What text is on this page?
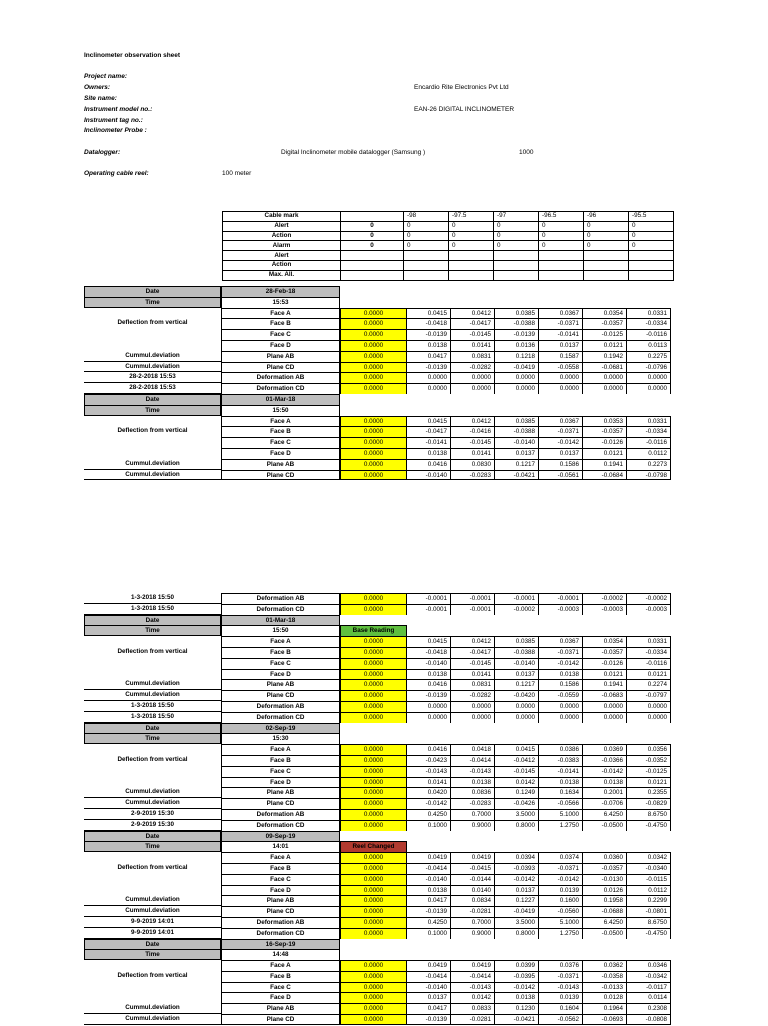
Inclinometer observation sheet
Project name:
Owners:	Encardio Rite Electronics Pvt Ltd
Site name:
Instrument model no.:	EAN-26 DIGITAL INCLINOMETER
Instrument tag no.:
Inclinometer Probe :
Datalogger:	Digital Inclinometer mobile datalogger (Samsung )	1000
Operating cable reel:	100 meter
Cable mark		-98	-97.5	-97	-96.5	-96	-95.5
Alert	0	0	0	0	0	0	0
Action	0	0	0	0	0	0	0
Alarm	0	0	0	0	0	0	0
Alert							
Action							
Max. All.							
Date	28-Feb-18
Time	15:53
Face A	0.0000	0.0415	0.0412	0.0385	0.0367	0.0354	0.0331
Deflection from vertical	Face B	0.0000	-0.0418	-0.0417	-0.0388	-0.0371	-0.0357	-0.0334
Face C	0.0000	-0.0139	-0.0145	-0.0139	-0.0141	-0.0125	-0.0116
Face D	0.0000	0.0138	0.0141	0.0136	0.0137	0.0121	0.0113
Cummul.deviation	Plane AB	0.0000	0.0417	0.0831	0.1218	0.1587	0.1942	0.2275
Cummul.deviation	Plane CD	0.0000	-0.0139	-0.0282	-0.0419	-0.0558	-0.0681	-0.0796
28-2-2018 15:53	Deformation AB	0.0000	0.0000	0.0000	0.0000	0.0000	0.0000	0.0000
28-2-2018 15:53	Deformation CD	0.0000	0.0000	0.0000	0.0000	0.0000	0.0000	0.0000
Date	01-Mar-18
Time	15:50
Face A	0.0000	0.0415	0.0412	0.0385	0.0367	0.0353	0.0331
Deflection from vertical	Face B	0.0000	-0.0417	-0.0416	-0.0388	-0.0371	-0.0357	-0.0334
Face C	0.0000	-0.0141	-0.0145	-0.0140	-0.0142	-0.0126	-0.0116
Face D	0.0000	0.0138	0.0141	0.0137	0.0137	0.0121	0.0112
Cummul.deviation	Plane AB	0.0000	0.0416	0.0830	0.1217	0.1586	0.1941	0.2273
Cummul.deviation	Plane CD	0.0000	-0.0140	-0.0283	-0.0421	-0.0561	-0.0684	-0.0798
1-3-2018 15:50	Deformation AB	0.0000	-0.0001	-0.0001	-0.0001	-0.0001	-0.0002	-0.0002
1-3-2018 15:50	Deformation CD	0.0000	-0.0001	-0.0001	-0.0002	-0.0003	-0.0003	-0.0003
Date	01-Mar-18
Time	15:50	Base Reading
Face A	0.0000	0.0415	0.0412	0.0385	0.0367	0.0354	0.0331
Deflection from vertical	Face B	0.0000	-0.0418	-0.0417	-0.0388	-0.0371	-0.0357	-0.0334
Face C	0.0000	-0.0140	-0.0145	-0.0140	-0.0142	-0.0126	-0.0116
Face D	0.0000	0.0138	0.0141	0.0137	0.0138	0.0121	0.0121
Cummul.deviation	Plane AB	0.0000	0.0416	0.0831	0.1217	0.1586	0.1941	0.2274
Cummul.deviation	Plane CD	0.0000	-0.0139	-0.0282	-0.0420	-0.0559	-0.0683	-0.0797
1-3-2018 15:50	Deformation AB	0.0000	0.0000	0.0000	0.0000	0.0000	0.0000	0.0000
1-3-2018 15:50	Deformation CD	0.0000	0.0000	0.0000	0.0000	0.0000	0.0000	0.0000
Date	02-Sep-19
Time	15:30
Face A	0.0000	0.0416	0.0418	0.0415	0.0386	0.0369	0.0356
Deflection from vertical	Face B	0.0000	-0.0423	-0.0414	-0.0412	-0.0383	-0.0366	-0.0352
Face C	0.0000	-0.0143	-0.0143	-0.0145	-0.0141	-0.0142	-0.0125
Face D	0.0000	0.0141	0.0138	0.0142	0.0138	0.0138	0.0121
Cummul.deviation	Plane AB	0.0000	0.0420	0.0836	0.1249	0.1634	0.2001	0.2355
Cummul.deviation	Plane CD	0.0000	-0.0142	-0.0283	-0.0426	-0.0566	-0.0706	-0.0829
2-9-2019 15:30	Deformation AB	0.0000	0.4250	0.7000	3.5000	5.1000	6.4250	8.6750
2-9-2019 15:30	Deformation CD	0.0000	0.1000	0.9000	0.8000	1.2750	-0.0500	-0.4750
Date	09-Sep-19
Time	14:01	Reel Changed
Face A	0.0000	0.0419	0.0419	0.0394	0.0374	0.0360	0.0342
Deflection from vertical	Face B	0.0000	-0.0414	-0.0415	-0.0393	-0.0371	-0.0357	-0.0340
Face C	0.0000	-0.0140	-0.0144	-0.0142	-0.0142	-0.0130	-0.0115
Face D	0.0000	0.0138	0.0140	0.0137	0.0139	0.0126	0.0112
Cummul.deviation	Plane AB	0.0000	0.0417	0.0834	0.1227	0.1600	0.1958	0.2299
Cummul.deviation	Plane CD	0.0000	-0.0139	-0.0281	-0.0419	-0.0560	-0.0688	-0.0801
9-9-2019 14:01	Deformation AB	0.0000	0.4250	0.7000	3.5000	5.1000	6.4250	8.6750
9-9-2019 14:01	Deformation CD	0.0000	0.1000	0.9000	0.8000	1.2750	-0.0500	-0.4750
Date	16-Sep-19
Time	14:48
Face A	0.0000	0.0419	0.0419	0.0399	0.0376	0.0362	0.0346
Deflection from vertical	Face B	0.0000	-0.0414	-0.0414	-0.0395	-0.0371	-0.0358	-0.0342
Face C	0.0000	-0.0140	-0.0143	-0.0142	-0.0143	-0.0133	-0.0117
Face D	0.0000	0.0137	0.0142	0.0138	0.0139	0.0128	0.0114
Cummul.deviation	Plane AB	0.0000	0.0417	0.0833	0.1230	0.1604	0.1964	0.2308
Cummul.deviation	Plane CD	0.0000	-0.0139	-0.0281	-0.0421	-0.0562	-0.0693	-0.0808
